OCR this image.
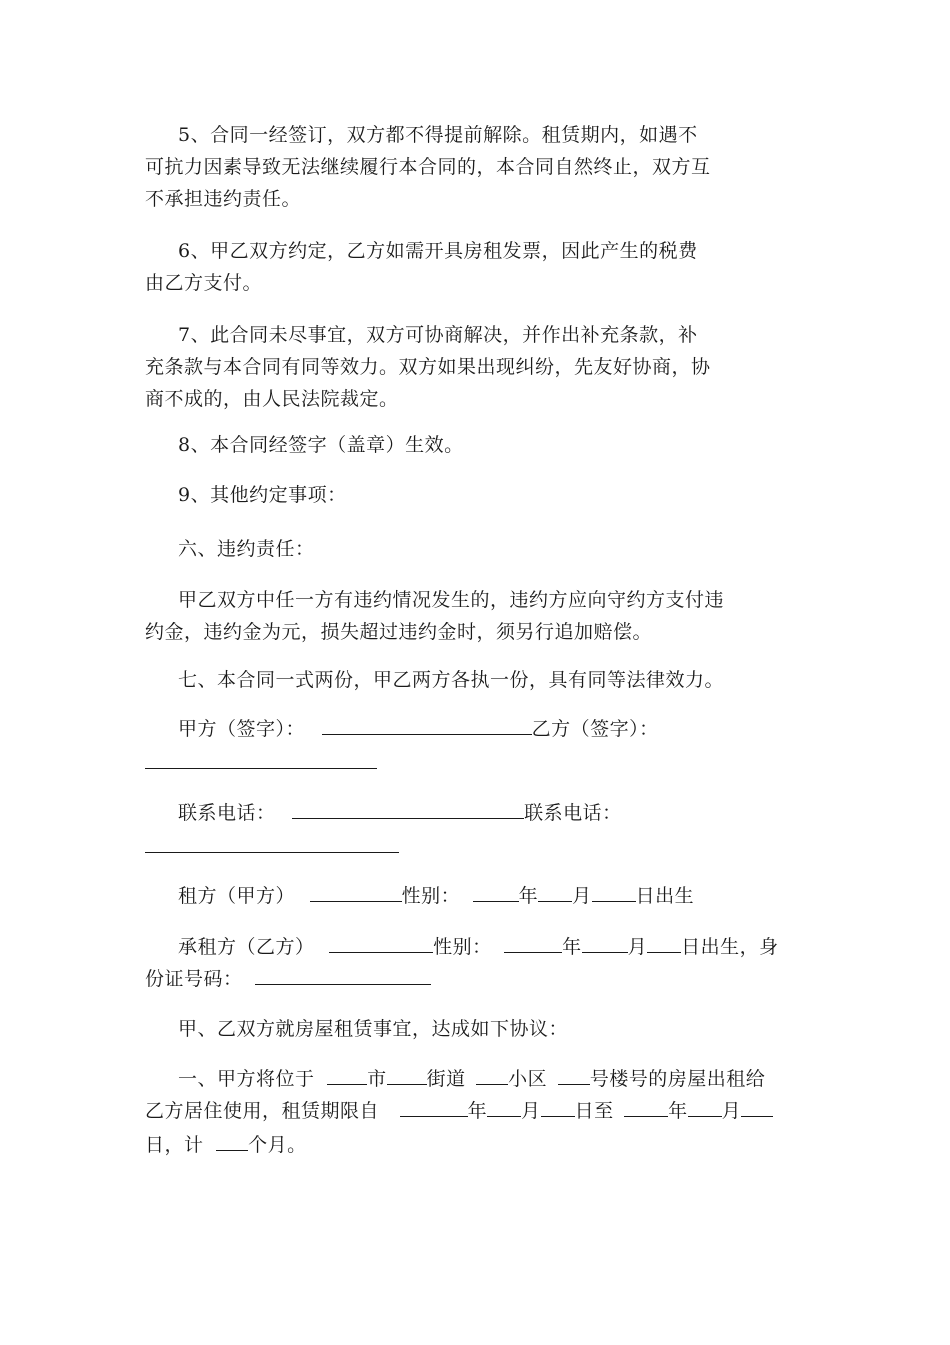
5、合同一经签订，双方都不得提前解除。租赁期内，如遇不
可抗力因素导致无法继续履行本合同的，本合同自然终止，双方互
不承担违约责任。
6、甲乙双方约定，乙方如需开具房租发票，因此产生的税费
由乙方支付。
7、此合同未尽事宜，双方可协商解决，并作出补充条款，补
充条款与本合同有同等效力。双方如果出现纠纷，先友好协商，协
商不成的，由人民法院裁定。
8、本合同经签字（盖章）生效。
9、其他约定事项：
六、违约责任：
甲乙双方中任一方有违约情况发生的，违约方应向守约方支付违
约金，违约金为元，损失超过违约金时，须另行追加赔偿。
七、本合同一式两份，甲乙两方各执一份，具有同等法律效力。
甲方（签字）：	乙方（签字）：
联系电话：	联系电话：
租方（甲方）	性别：	年 月 日出生
承租方（乙方）	性别：	年 月 日出生，身
份证号码：
甲、乙双方就房屋租赁事宜，达成如下协议：
一、甲方将位于	市 街道 小区 号楼号的房屋出租给
乙方居住使用，租赁期限自	年 月 日至	年 月
日，计 个月。
